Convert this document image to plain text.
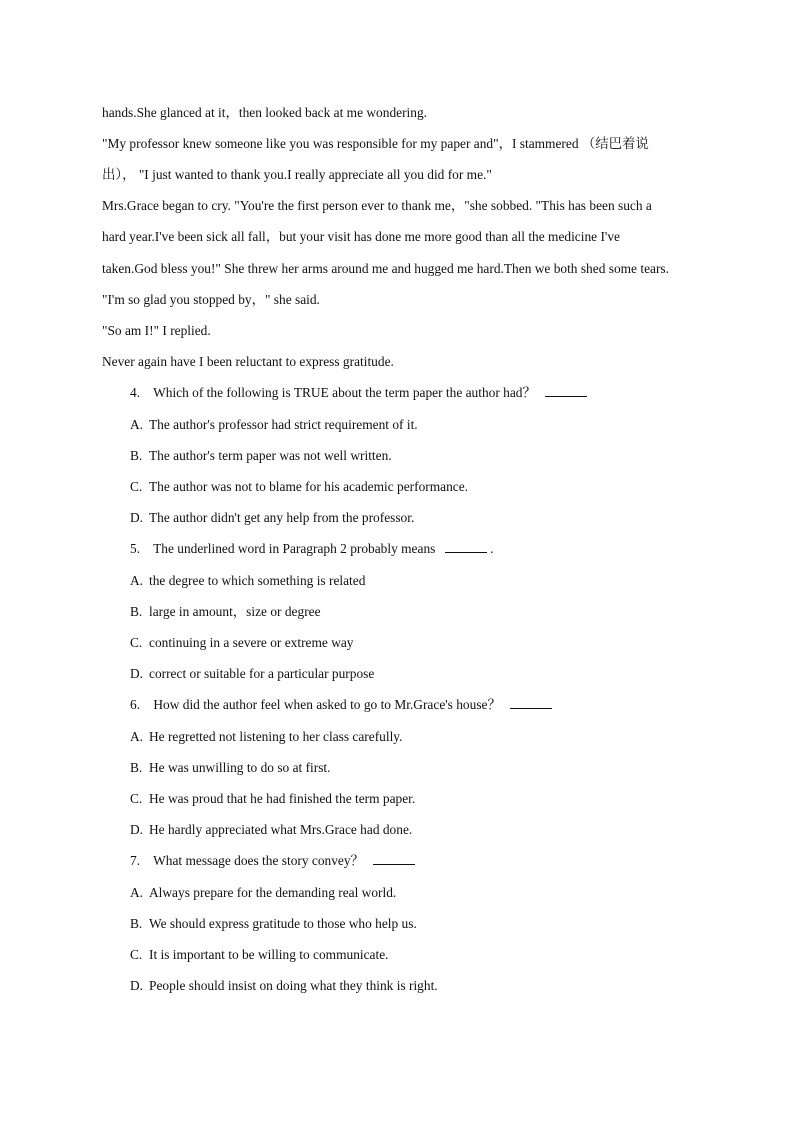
hands.She glanced at it，then looked back at me wondering.
"My professor knew someone like you was responsible for my paper and"，I stammered （结巴着说
出）， "I just wanted to thank you.I really appreciate all you did for me."
Mrs.Grace began to cry. "You're the first person ever to thank me，"she sobbed. "This has been such a
hard year.I've been sick all fall，but your visit has done me more good than all the medicine I've
taken.God bless you!" She threw her arms around me and hugged me hard.Then we both shed some tears.
"I'm so glad you stopped by，" she said.
"So am I!" I replied.
Never again have I been reluctant to express gratitude.
4. Which of the following is TRUE about the term paper the author had？
A. The author's professor had strict requirement of it.
B. The author's term paper was not well written.
C. The author was not to blame for his academic performance.
D. The author didn't get any help from the professor.
5. The underlined word in Paragraph 2 probably means	.
A. the degree to which something is related
B. large in amount，size or degree
C. continuing in a severe or extreme way
D. correct or suitable for a particular purpose
6. How did the author feel when asked to go to Mr.Grace's house？
A. He regretted not listening to her class carefully.
B. He was unwilling to do so at first.
C. He was proud that he had finished the term paper.
D. He hardly appreciated what Mrs.Grace had done.
7. What message does the story convey？
A. Always prepare for the demanding real world.
B. We should express gratitude to those who help us.
C. It is important to be willing to communicate.
D. People should insist on doing what they think is right.
